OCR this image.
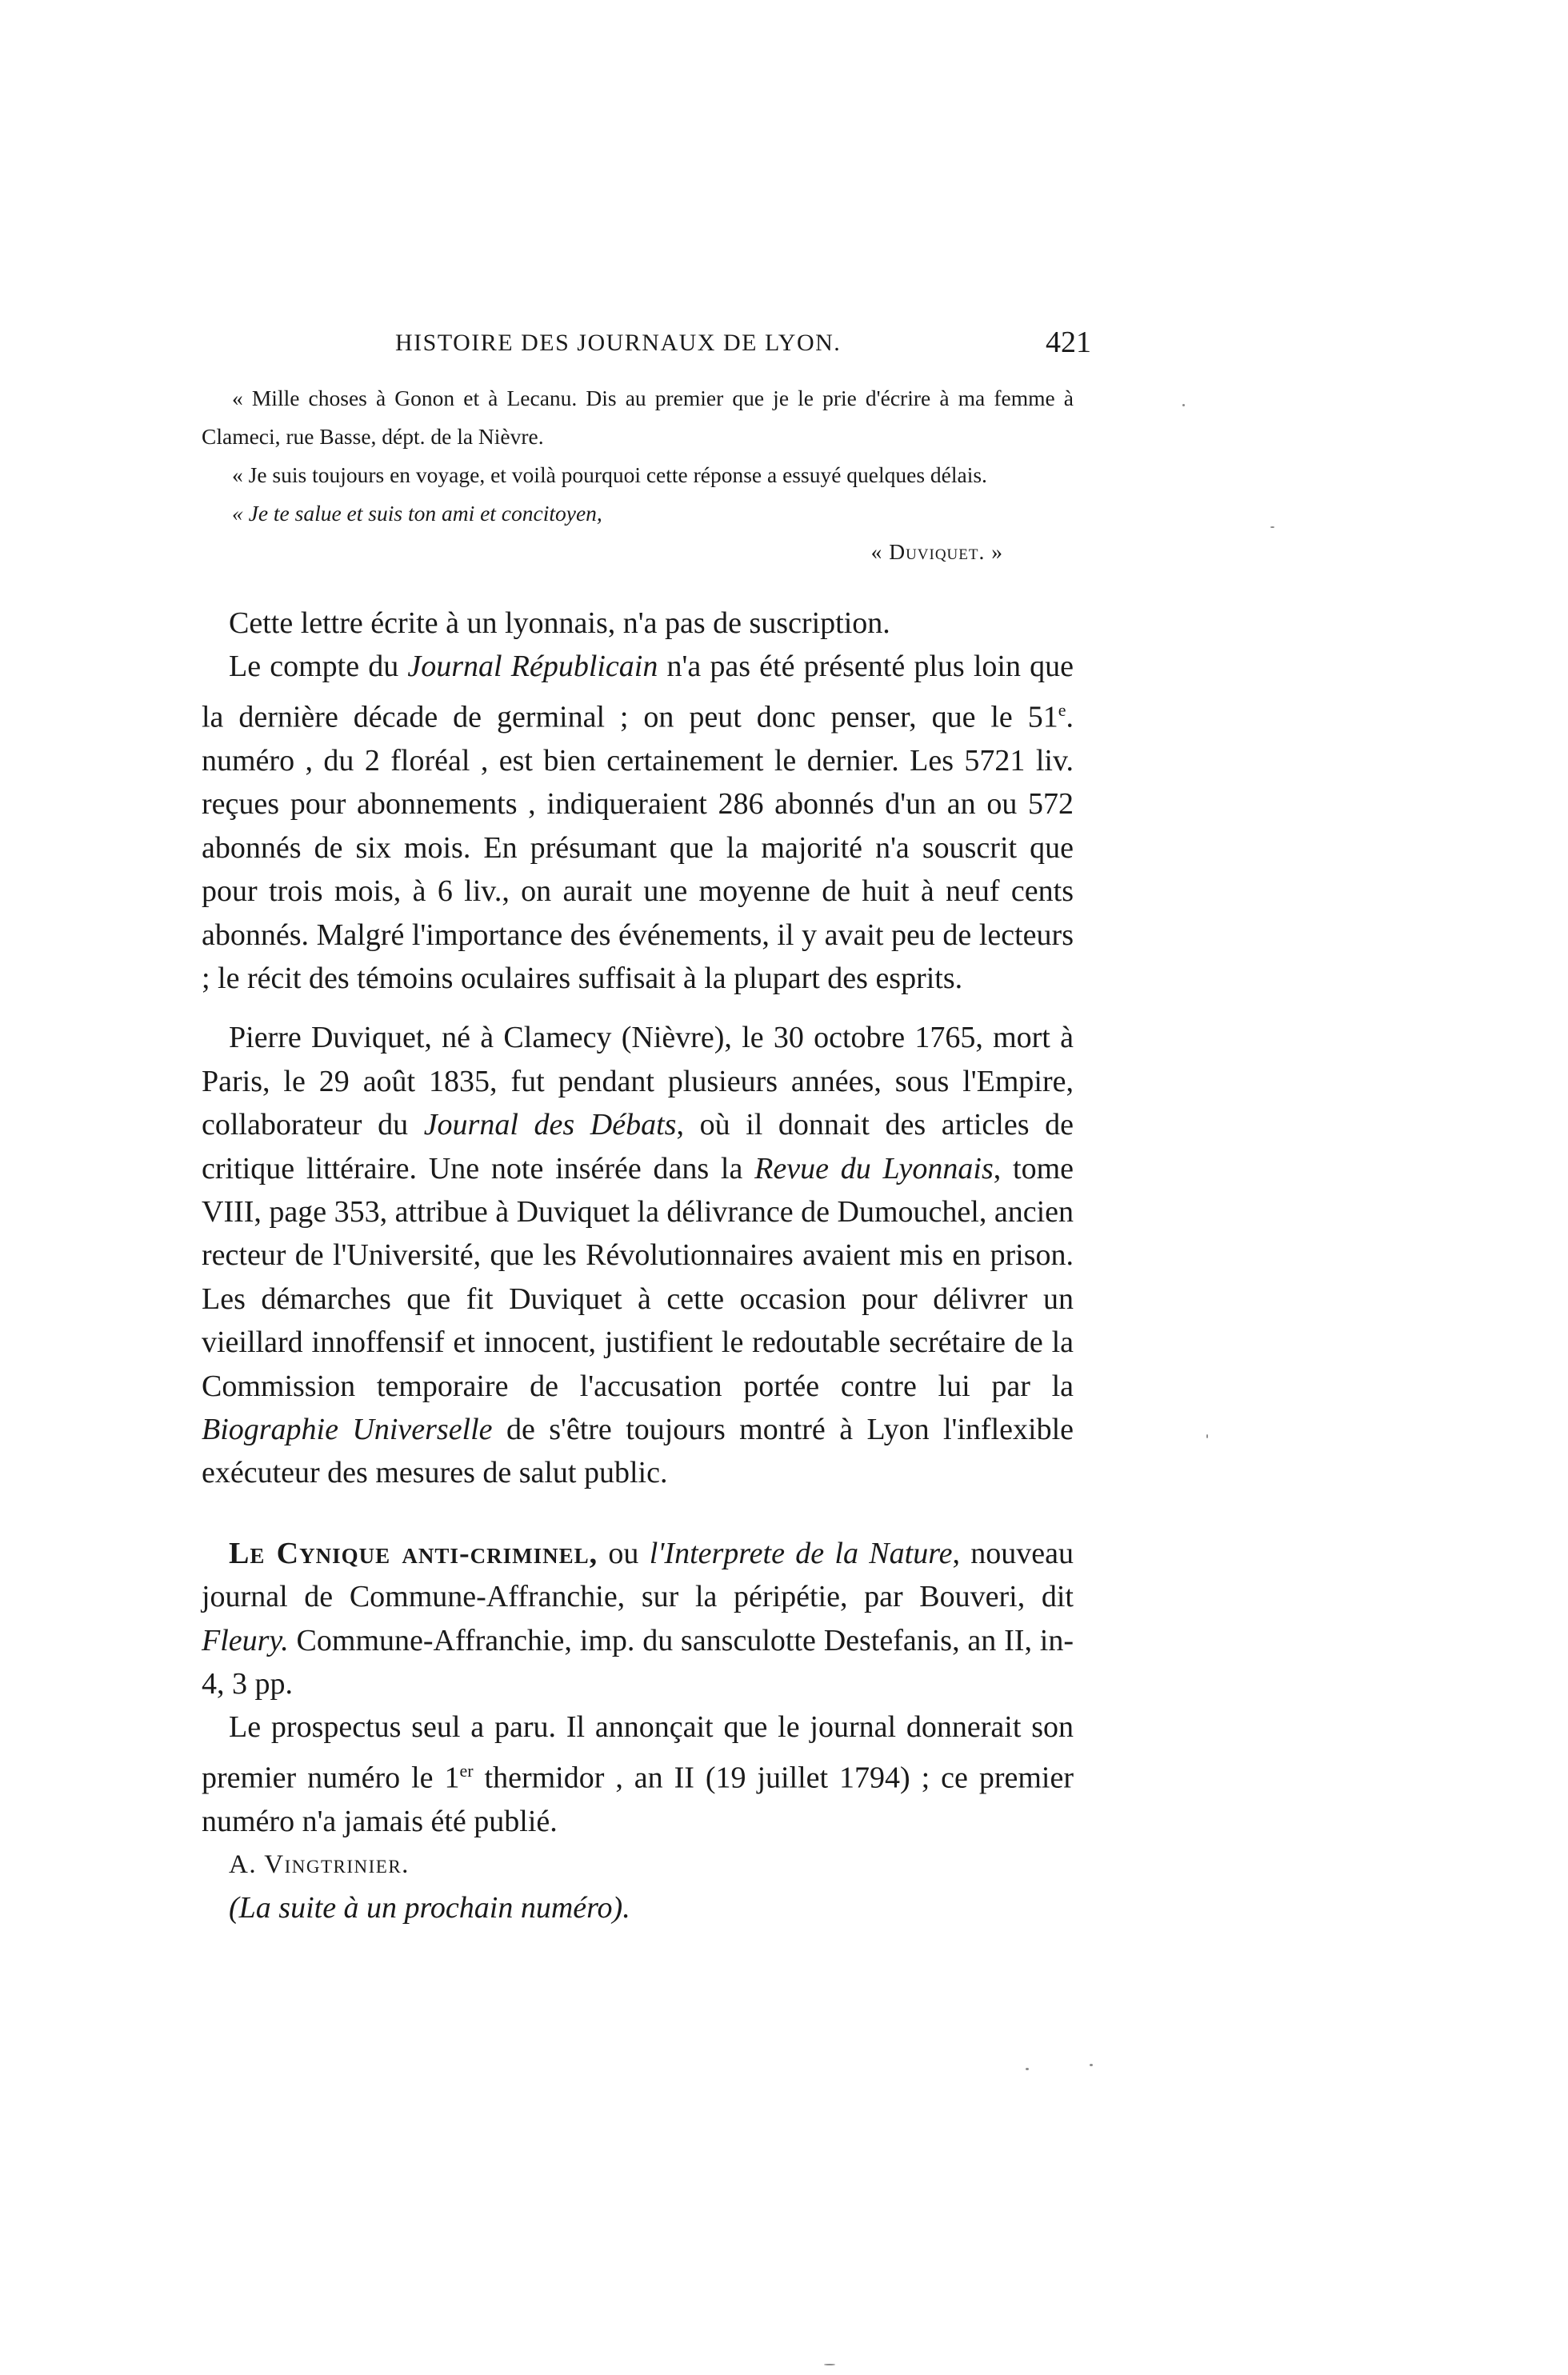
HISTOIRE DES JOURNAUX DE LYON.	421

« Mille choses à Gonon et à Lecanu. Dis au premier que je le prie d'écrire à ma femme à Clameci, rue Basse, dépt. de la Nièvre.

« Je suis toujours en voyage, et voilà pourquoi cette réponse a essuyé quelques délais.

« Je te salue et suis ton ami et concitoyen,

« Duviquet. »

Cette lettre écrite à un lyonnais, n'a pas de suscription.

Le compte du Journal Républicain n'a pas été présenté plus loin que la dernière décade de germinal ; on peut donc penser, que le 51e. numéro , du 2 floréal , est bien certainement le dernier. Les 5721 liv. reçues pour abonnements , indiqueraient 286 abonnés d'un an ou 572 abonnés de six mois. En présumant que la majorité n'a souscrit que pour trois mois, à 6 liv., on aurait une moyenne de huit à neuf cents abonnés. Malgré l'importance des événements, il y avait peu de lecteurs ; le récit des témoins oculaires suffisait à la plupart des esprits.

Pierre Duviquet, né à Clamecy (Nièvre), le 30 octobre 1765, mort à Paris, le 29 août 1835, fut pendant plusieurs années, sous l'Empire, collaborateur du Journal des Débats, où il donnait des articles de critique littéraire. Une note insérée dans la Revue du Lyonnais, tome VIII, page 353, attribue à Duviquet la délivrance de Dumouchel, ancien recteur de l'Université, que les Révolutionnaires avaient mis en prison. Les démarches que fit Duviquet à cette occasion pour délivrer un vieillard innoffensif et innocent, justifient le redoutable secrétaire de la Commission temporaire de l'accusation portée contre lui par la Biographie Universelle de s'être toujours montré à Lyon l'inflexible exécuteur des mesures de salut public.

Le Cynique anti-criminel, ou l'Interprete de la Nature, nouveau journal de Commune-Affranchie, sur la péripétie, par Bouveri, dit Fleury. Commune-Affranchie, imp. du sansculotte Destefanis, an II, in-4, 3 pp.

Le prospectus seul a paru. Il annonçait que le journal donnerait son premier numéro le 1er thermidor , an II (19 juillet 1794) ; ce premier numéro n'a jamais été publié.

A. Vingtrinier.

(La suite à un prochain numéro).
